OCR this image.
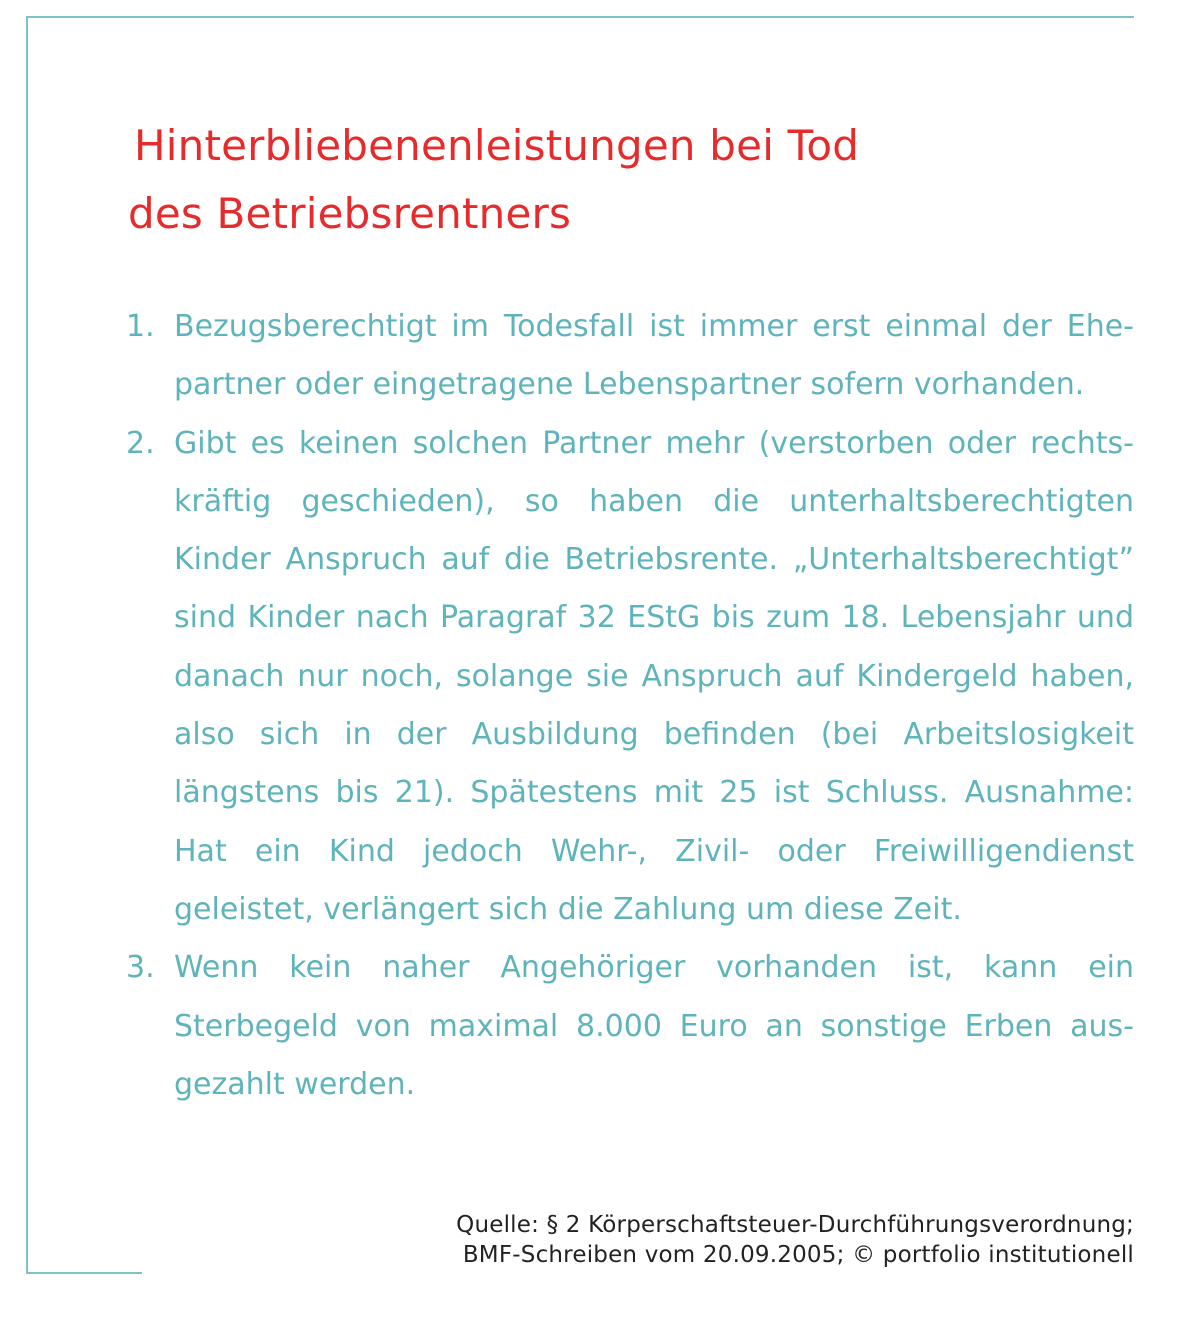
Hinterbliebenenleistungen bei Tod
des Betriebsrentners
1. Bezugsberechtigt im Todesfall ist immer erst einmal der Ehepartner oder eingetragene Lebenspartner sofern vorhanden.
2. Gibt es keinen solchen Partner mehr (verstorben oder rechtskräftig geschieden), so haben die unterhaltsberechtigten Kinder Anspruch auf die Betriebsrente. „Unterhaltsberechtigt” sind Kinder nach Paragraf 32 EStG bis zum 18. Lebensjahr und danach nur noch, solange sie Anspruch auf Kindergeld haben, also sich in der Ausbildung befinden (bei Arbeitslosigkeit längstens bis 21). Spätestens mit 25 ist Schluss. Ausnahme: Hat ein Kind jedoch Wehr-, Zivil- oder Freiwilligendienst geleistet, verlängert sich die Zahlung um diese Zeit.
3. Wenn kein naher Angehöriger vorhanden ist, kann ein Sterbegeld von maximal 8.000 Euro an sonstige Erben ausgezahlt werden.
Quelle: § 2 Körperschaftsteuer-Durchführungsverordnung;
BMF-Schreiben vom 20.09.2005; © portfolio institutionell
